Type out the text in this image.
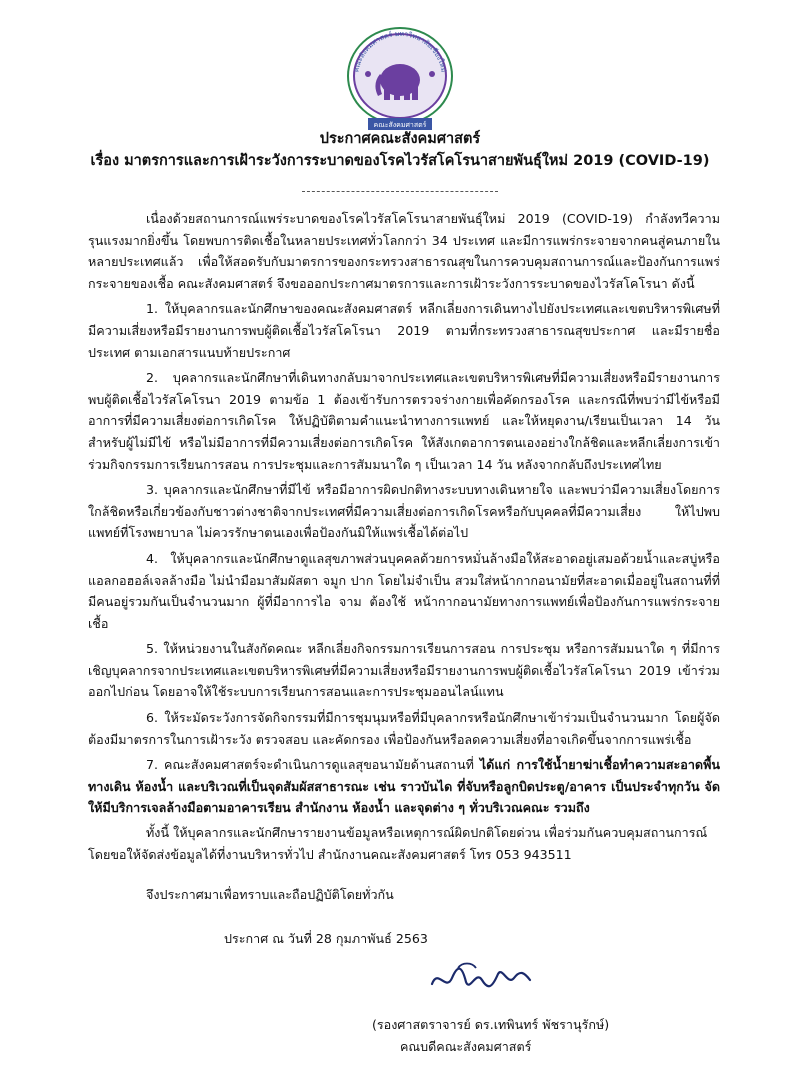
คณะสังคมศาสตร์ มหาวิทยาลัยเชียงใหม่
คณะสังคมศาสตร์
ประกาศคณะสังคมศาสตร์
เรื่อง มาตรการและการเฝ้าระวังการระบาดของโรคไวรัสโคโรนาสายพันธุ์ใหม่ 2019 (COVID-19)

เนื่องด้วยสถานการณ์แพร่ระบาดของโรคไวรัสโคโรนาสายพันธุ์ใหม่ 2019 (COVID-19) กำลังทวีความรุนแรงมากยิ่งขึ้น โดยพบการติดเชื้อในหลายประเทศทั่วโลกกว่า 34 ประเทศ และมีการแพร่กระจายจากคนสู่คนภายในหลายประเทศแล้ว เพื่อให้สอดรับกับมาตรการของกระทรวงสาธารณสุขในการควบคุมสถานการณ์และป้องกันการแพร่กระจายของเชื้อ คณะสังคมศาสตร์ จึงขอออกประกาศมาตรการและการเฝ้าระวังการระบาดของไวรัสโคโรนา ดังนี้

1. ให้บุคลากรและนักศึกษาของคณะสังคมศาสตร์ หลีกเลี่ยงการเดินทางไปยังประเทศและเขตบริหารพิเศษที่มีความเสี่ยงหรือมีรายงานการพบผู้ติดเชื้อไวรัสโคโรนา 2019 ตามที่กระทรวงสาธารณสุขประกาศ และมีรายชื่อประเทศ ตามเอกสารแนบท้ายประกาศ

2. บุคลากรและนักศึกษาที่เดินทางกลับมาจากประเทศและเขตบริหารพิเศษที่มีความเสี่ยงหรือมีรายงานการพบผู้ติดเชื้อไวรัสโคโรนา 2019 ตามข้อ 1 ต้องเข้ารับการตรวจร่างกายเพื่อคัดกรองโรค และกรณีที่พบว่ามีไข้หรือมีอาการที่มีความเสี่ยงต่อการเกิดโรค ให้ปฏิบัติตามคำแนะนำทางการแพทย์ และให้หยุดงาน/เรียนเป็นเวลา 14 วัน สำหรับผู้ไม่มีไข้ หรือไม่มีอาการที่มีความเสี่ยงต่อการเกิดโรค ให้สังเกตอาการตนเองอย่างใกล้ชิดและหลีกเลี่ยงการเข้าร่วมกิจกรรมการเรียนการสอน การประชุมและการสัมมนาใด ๆ เป็นเวลา 14 วัน หลังจากกลับถึงประเทศไทย

3. บุคลากรและนักศึกษาที่มีไข้ หรือมีอาการผิดปกติทางระบบทางเดินหายใจ และพบว่ามีความเสี่ยงโดยการใกล้ชิดหรือเกี่ยวข้องกับชาวต่างชาติจากประเทศที่มีความเสี่ยงต่อการเกิดโรคหรือกับบุคคลที่มีความเสี่ยง ให้ไปพบแพทย์ที่โรงพยาบาล ไม่ควรรักษาตนเองเพื่อป้องกันมิให้แพร่เชื้อได้ต่อไป

4. ให้บุคลากรและนักศึกษาดูแลสุขภาพส่วนบุคคลด้วยการหมั่นล้างมือให้สะอาดอยู่เสมอด้วยน้ำและสบู่หรือแอลกอฮอล์เจลล้างมือ ไม่นำมือมาสัมผัสตา จมูก ปาก โดยไม่จำเป็น สวมใส่หน้ากากอนามัยที่สะอาดเมื่ออยู่ในสถานที่ที่มีคนอยู่รวมกันเป็นจำนวนมาก ผู้ที่มีอาการไอ จาม ต้องใช้ หน้ากากอนามัยทางการแพทย์เพื่อป้องกันการแพร่กระจายเชื้อ

5. ให้หน่วยงานในสังกัดคณะ หลีกเลี่ยงกิจกรรมการเรียนการสอน การประชุม หรือการสัมมนาใด ๆ ที่มีการเชิญบุคลากรจากประเทศและเขตบริหารพิเศษที่มีความเสี่ยงหรือมีรายงานการพบผู้ติดเชื้อไวรัสโคโรนา 2019 เข้าร่วมออกไปก่อน โดยอาจให้ใช้ระบบการเรียนการสอนและการประชุมออนไลน์แทน

6. ให้ระมัดระวังการจัดกิจกรรมที่มีการชุมนุมหรือที่มีบุคลากรหรือนักศึกษาเข้าร่วมเป็นจำนวนมาก โดยผู้จัดต้องมีมาตรการในการเฝ้าระวัง ตรวจสอบ และคัดกรอง เพื่อป้องกันหรือลดความเสี่ยงที่อาจเกิดขึ้นจากการแพร่เชื้อ

7. คณะสังคมศาสตร์จะดำเนินการดูแลสุขอนามัยด้านสถานที่ ได้แก่ การใช้น้ำยาฆ่าเชื้อทำความสะอาดพื้นทางเดิน ห้องน้ำ และบริเวณที่เป็นจุดสัมผัสสาธารณะ เช่น ราวบันได ที่จับหรือลูกบิดประตู/อาคาร เป็นประจำทุกวัน จัดให้มีบริการเจลล้างมือตามอาคารเรียน สำนักงาน ห้องน้ำ และจุดต่าง ๆ ทั่วบริเวณคณะ รวมถึง

ทั้งนี้ ให้บุคลากรและนักศึกษารายงานข้อมูลหรือเหตุการณ์ผิดปกติโดยด่วน เพื่อร่วมกันควบคุมสถานการณ์ โดยขอให้จัดส่งข้อมูลได้ที่งานบริหารทั่วไป สำนักงานคณะสังคมศาสตร์ โทร 053 943511
จึงประกาศมาเพื่อทราบและถือปฏิบัติโดยทั่วกัน
ประกาศ ณ วันที่ 28 กุมภาพันธ์ 2563
(รองศาสตราจารย์ ดร.เทพินทร์ พัชรานุรักษ์)
คณบดีคณะสังคมศาสตร์
